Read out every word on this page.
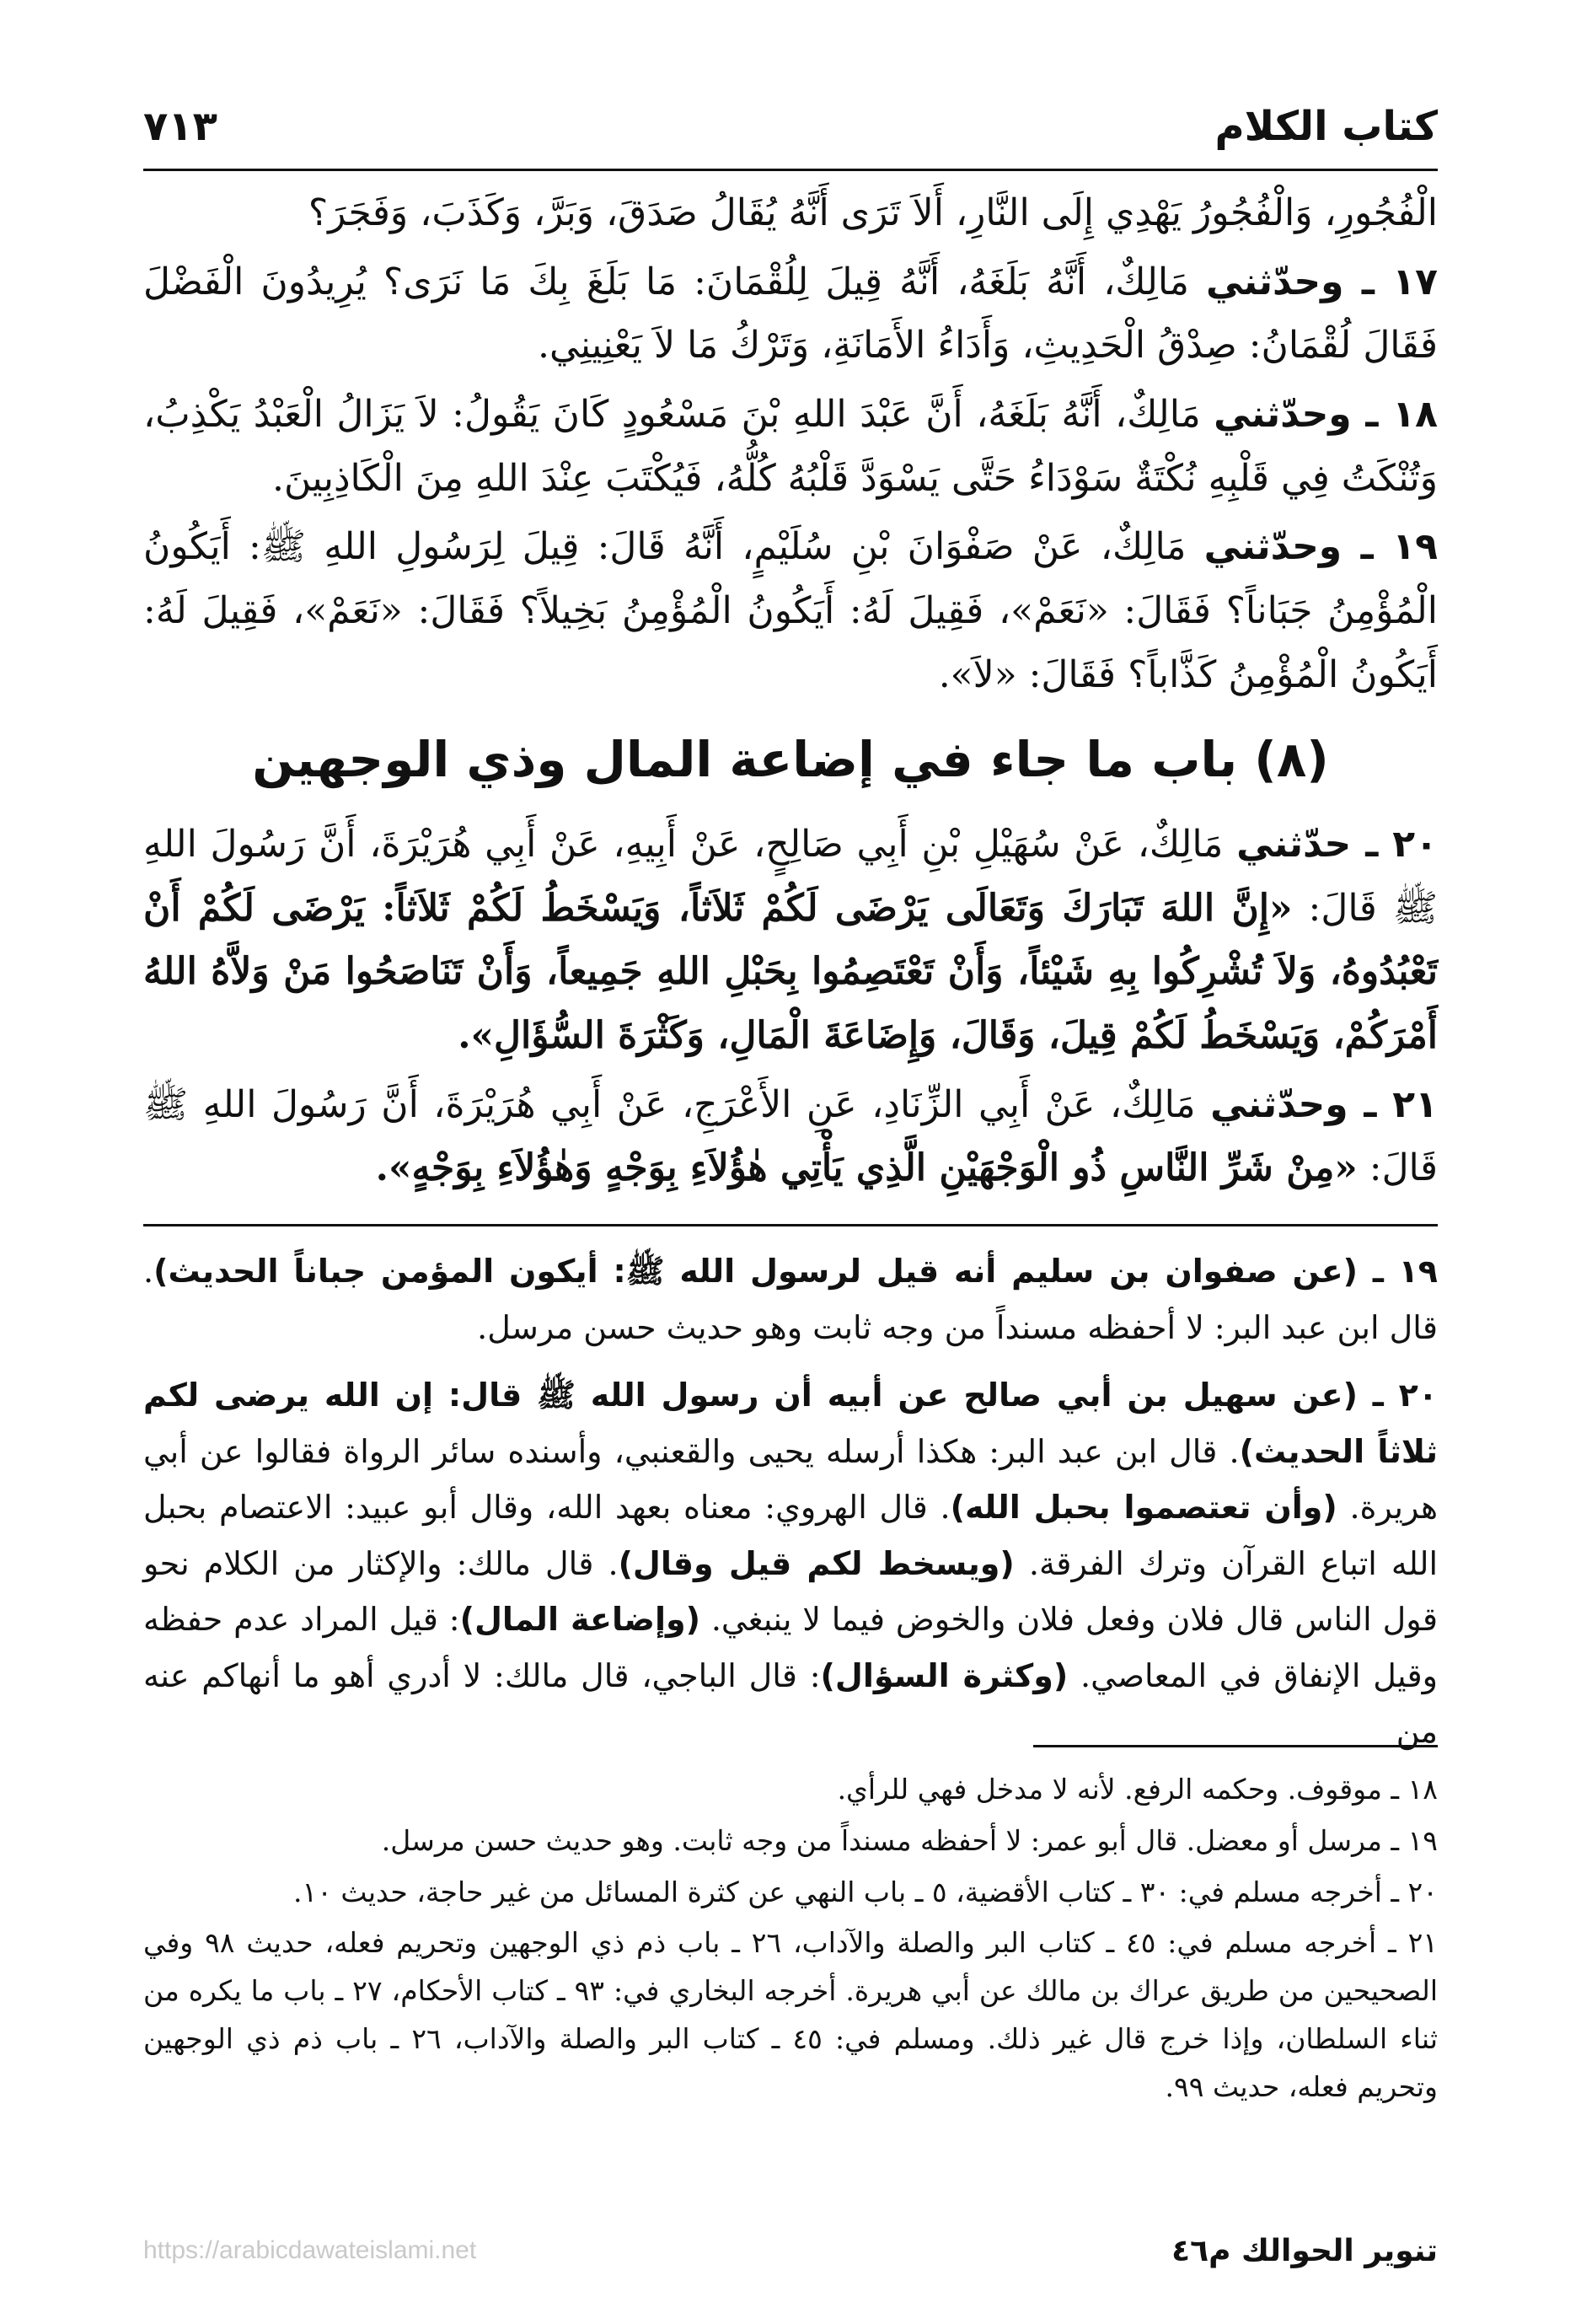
٧١٣	كتاب الكلام

الْفُجُورِ، وَالْفُجُورُ يَهْدِي إِلَى النَّارِ، أَلاَ تَرَى أَنَّهُ يُقَالُ صَدَقَ، وَبَرَّ، وَكَذَبَ، وَفَجَرَ؟

١٧ ـ وحدّثني مَالِكٌ، أَنَّهُ بَلَغَهُ، أَنَّهُ قِيلَ لِلُقْمَانَ: مَا بَلَغَ بِكَ مَا نَرَى؟ يُرِيدُونَ الْفَضْلَ فَقَالَ لُقْمَانُ: صِدْقُ الْحَدِيثِ، وَأَدَاءُ الأَمَانَةِ، وَتَرْكُ مَا لاَ يَعْنِينِي.

١٨ ـ وحدّثني مَالِكٌ، أَنَّهُ بَلَغَهُ، أَنَّ عَبْدَ اللهِ بْنَ مَسْعُودٍ كَانَ يَقُولُ: لاَ يَزَالُ الْعَبْدُ يَكْذِبُ، وَتُنْكَتُ فِي قَلْبِهِ نُكْتَةٌ سَوْدَاءُ حَتَّى يَسْوَدَّ قَلْبُهُ كُلُّهُ، فَيُكْتَبَ عِنْدَ اللهِ مِنَ الْكَاذِبِينَ.

١٩ ـ وحدّثني مَالِكٌ، عَنْ صَفْوَانَ بْنِ سُلَيْمٍ، أَنَّهُ قَالَ: قِيلَ لِرَسُولِ اللهِ ﷺ: أَيَكُونُ الْمُؤْمِنُ جَبَاناً؟ فَقَالَ: «نَعَمْ»، فَقِيلَ لَهُ: أَيَكُونُ الْمُؤْمِنُ بَخِيلاً؟ فَقَالَ: «نَعَمْ»، فَقِيلَ لَهُ: أَيَكُونُ الْمُؤْمِنُ كَذَّاباً؟ فَقَالَ: «لاَ».

(٨) باب ما جاء في إضاعة المال وذي الوجهين

٢٠ ـ حدّثني مَالِكٌ، عَنْ سُهَيْلِ بْنِ أَبِي صَالِحٍ، عَنْ أَبِيهِ، عَنْ أَبِي هُرَيْرَةَ، أَنَّ رَسُولَ اللهِ ﷺ قَالَ: «إِنَّ اللهَ تَبَارَكَ وَتَعَالَى يَرْضَى لَكُمْ ثَلاَثاً، وَيَسْخَطُ لَكُمْ ثَلاَثاً: يَرْضَى لَكُمْ أَنْ تَعْبُدُوهُ، وَلاَ تُشْرِكُوا بِهِ شَيْئاً، وَأَنْ تَعْتَصِمُوا بِحَبْلِ اللهِ جَمِيعاً، وَأَنْ تَنَاصَحُوا مَنْ وَلاَّهُ اللهُ أَمْرَكُمْ، وَيَسْخَطُ لَكُمْ قِيلَ، وَقَالَ، وَإِضَاعَةَ الْمَالِ، وَكَثْرَةَ السُّؤَالِ».

٢١ ـ وحدّثني مَالِكٌ، عَنْ أَبِي الزِّنَادِ، عَنِ الأَعْرَجِ، عَنْ أَبِي هُرَيْرَةَ، أَنَّ رَسُولَ اللهِ ﷺ قَالَ: «مِنْ شَرِّ النَّاسِ ذُو الْوَجْهَيْنِ الَّذِي يَأْتِي هٰؤُلاَءِ بِوَجْهٍ وَهٰؤُلاَءِ بِوَجْهٍ».

١٩ ـ (عن صفوان بن سليم أنه قيل لرسول الله ﷺ: أيكون المؤمن جباناً الحديث). قال ابن عبد البر: لا أحفظه مسنداً من وجه ثابت وهو حديث حسن مرسل.

٢٠ ـ (عن سهيل بن أبي صالح عن أبيه أن رسول الله ﷺ قال: إن الله يرضى لكم ثلاثاً الحديث). قال ابن عبد البر: هكذا أرسله يحيى والقعنبي، وأسنده سائر الرواة فقالوا عن أبي هريرة. (وأن تعتصموا بحبل الله). قال الهروي: معناه بعهد الله، وقال أبو عبيد: الاعتصام بحبل الله اتباع القرآن وترك الفرقة. (ويسخط لكم قيل وقال). قال مالك: والإكثار من الكلام نحو قول الناس قال فلان وفعل فلان والخوض فيما لا ينبغي. (وإضاعة المال): قيل المراد عدم حفظه وقيل الإنفاق في المعاصي. (وكثرة السؤال): قال الباجي، قال مالك: لا أدري أهو ما أنهاكم عنه من

١٨ ـ موقوف. وحكمه الرفع. لأنه لا مدخل فهي للرأي.

١٩ ـ مرسل أو معضل. قال أبو عمر: لا أحفظه مسنداً من وجه ثابت. وهو حديث حسن مرسل.

٢٠ ـ أخرجه مسلم في: ٣٠ ـ كتاب الأقضية، ٥ ـ باب النهي عن كثرة المسائل من غير حاجة، حديث ١٠.

٢١ ـ أخرجه مسلم في: ٤٥ ـ كتاب البر والصلة والآداب، ٢٦ ـ باب ذم ذي الوجهين وتحريم فعله، حديث ٩٨ وفي الصحيحين من طريق عراك بن مالك عن أبي هريرة. أخرجه البخاري في: ٩٣ ـ كتاب الأحكام، ٢٧ ـ باب ما يكره من ثناء السلطان، وإذا خرج قال غير ذلك. ومسلم في: ٤٥ ـ كتاب البر والصلة والآداب، ٢٦ ـ باب ذم ذي الوجهين وتحريم فعله، حديث ٩٩.

https://arabicdawateislami.net	تنوير الحوالك م٤٦
